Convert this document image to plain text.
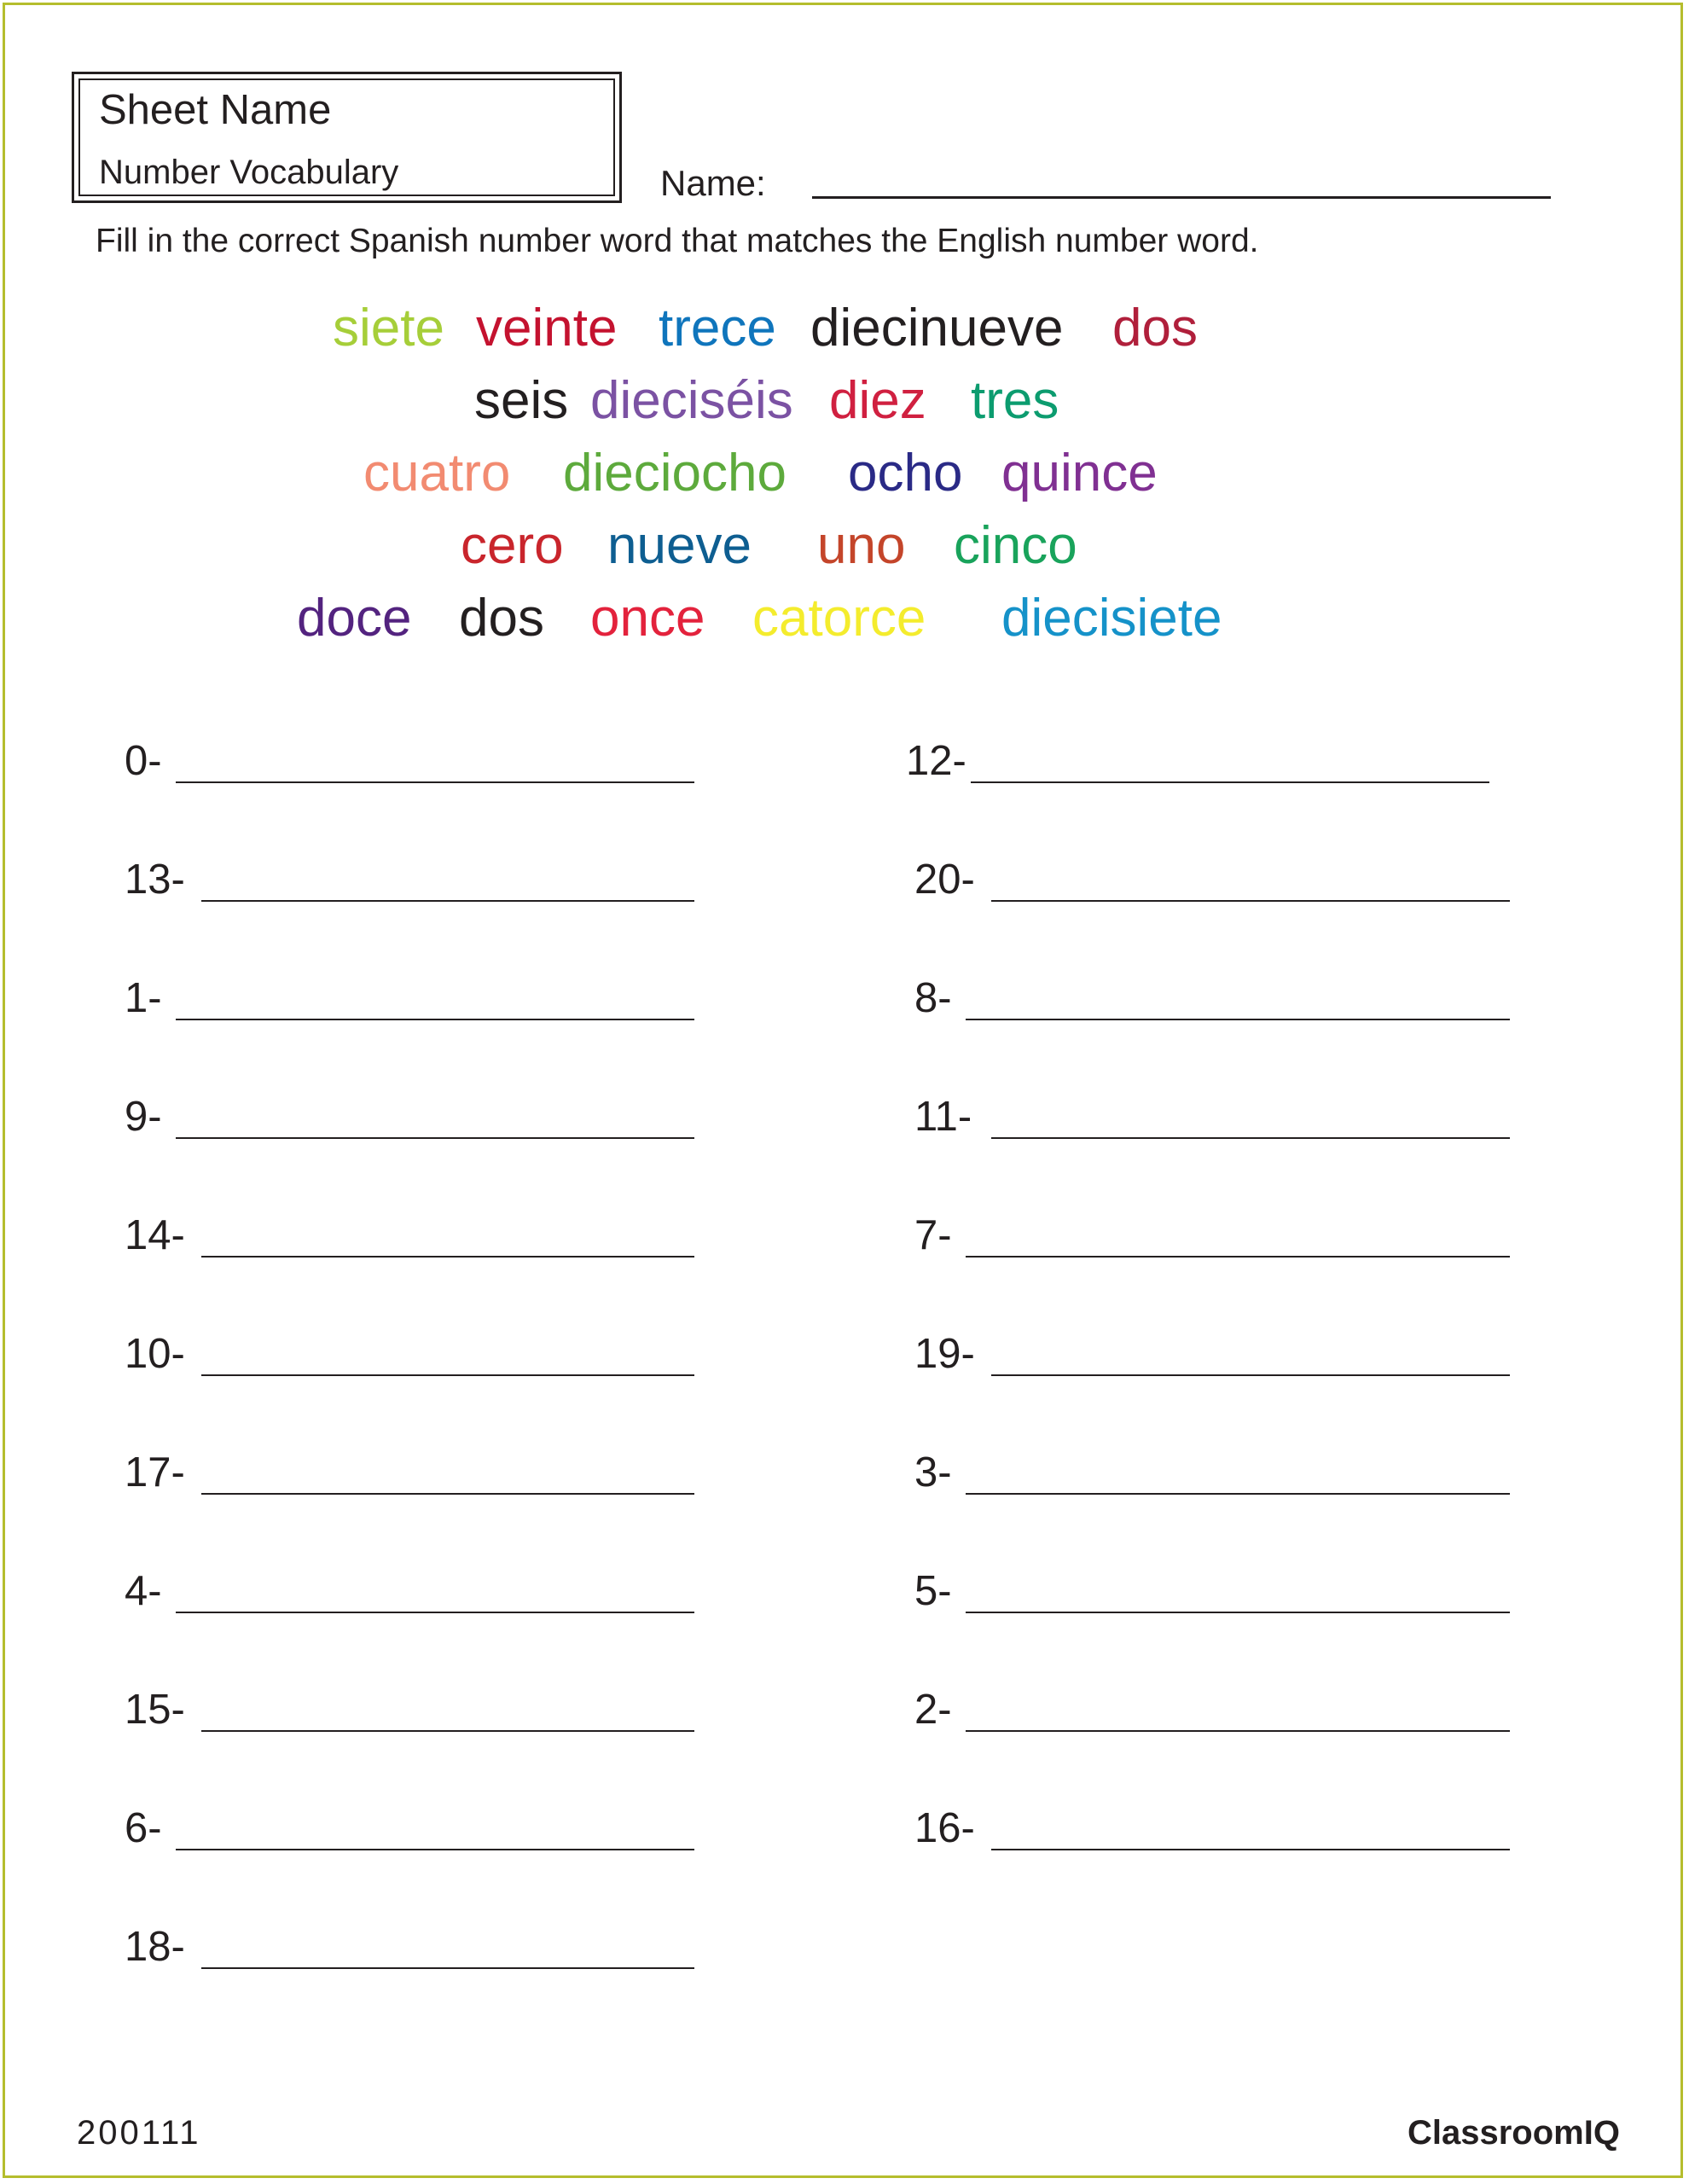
Sheet Name
Number Vocabulary	Name:
Fill in the correct Spanish number word that matches the English number word.
siete veinte trece diecinueve dos
seis dieciséis diez tres
cuatro dieciocho ocho quince
cero nueve uno cinco
doce dos once catorce diecisiete
0-
13-
1-
9-
14-
10-
17-
4-
15-
6-
18-
12-
20-
8-
11-
7-
19-
3-
5-
2-
16-
200111	ClassroomIQ
